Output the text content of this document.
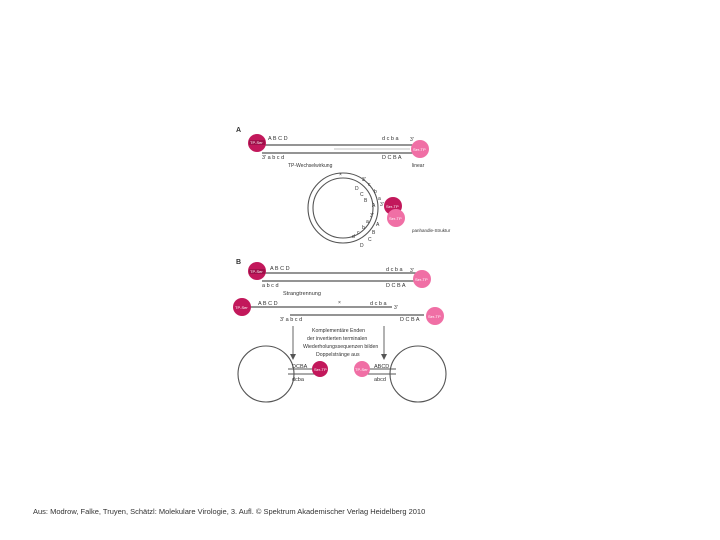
A
A B C D	d c b a 3'
3' a b c d	D C B A
TP-Wechselwirkung	linear
TP-Ser
Ser-TP
×
3'
c
D
C b
B a
A 3'
3'
a A
b
B
c
C
d
D
Ser-TP
Ser-TP
panhandle-Struktur
B
A B C D	d c b a 3'
a b c d	D C B A
Strangtrennung
TP-Ser
Ser-TP
×
A B C D	d c b a
3'
3' a b c d	D C B A
TP-Ser
Ser-TP
Komplementäre Enden
der invertierten terminalen
Wiederholungssequenzen bilden
Doppelstränge aus
DCBA
dcba
Ser-TP	ABCD
abcd
TP-Ser
Aus: Modrow, Falke, Truyen, Schätzl: Molekulare Virologie, 3. Aufl. © Spektrum Akademischer Verlag Heidelberg 2010
